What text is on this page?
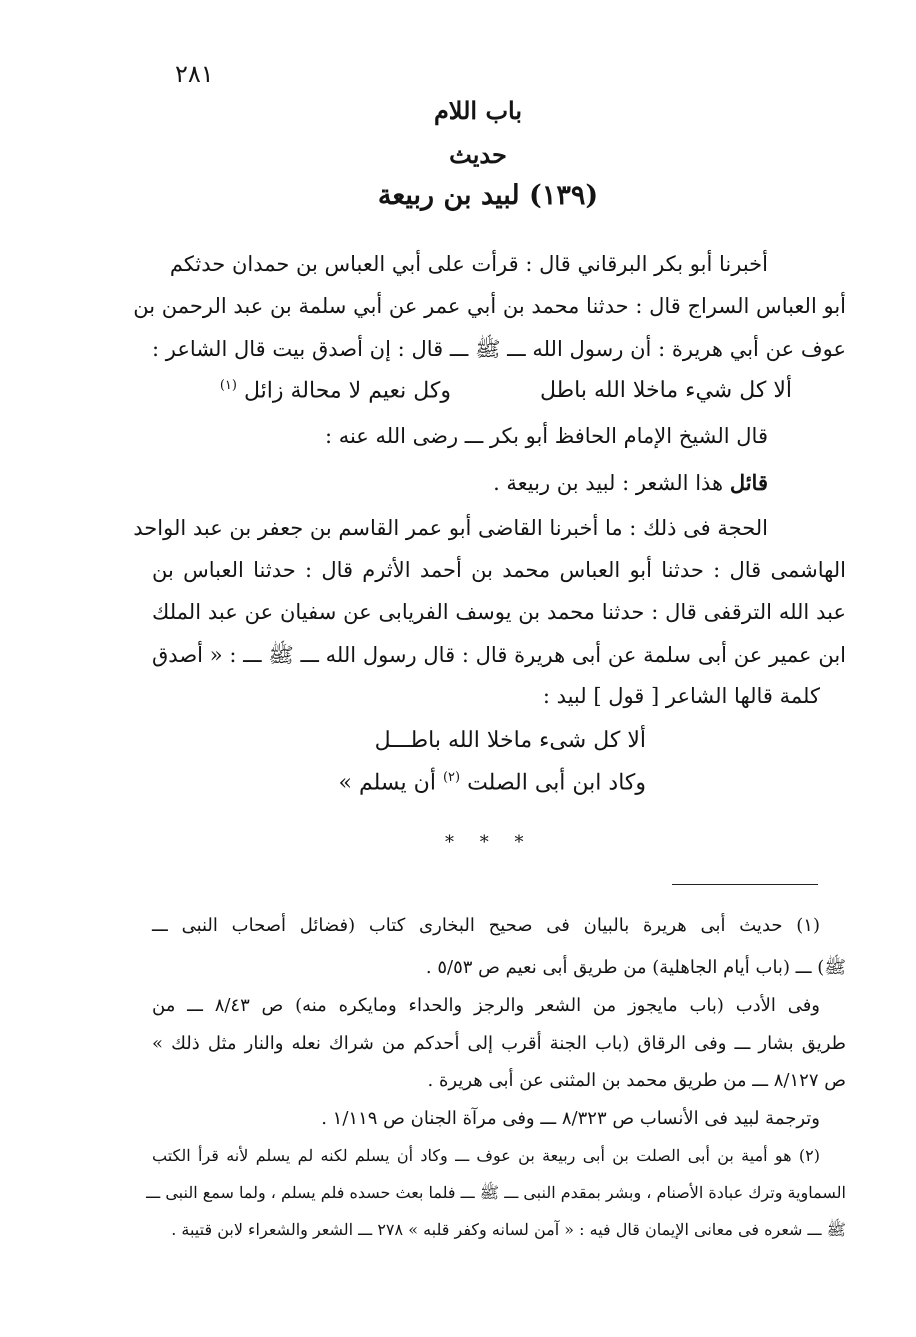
٢٨١
باب اللام
حديث
(١٣٩) لبيد بن ربيعة
أخبرنا أبو بكر البرقاني قال : قرأت على أبي العباس بن حمدان حدثكم
أبو العباس السراج قال : حدثنا محمد بن أبي عمر عن أبي سلمة بن عبد الرحمن بن
عوف عن أبي هريرة : أن رسول الله ـــ ﷺ ـــ قال : إن أصدق بيت قال الشاعر :
ألا كل شيء ماخلا الله باطل
وكل نعيم لا محالة زائل $^{(١)}$
قال الشيخ الإمام الحافظ أبو بكر ـــ رضى الله عنه :
قائل هذا الشعر : لبيد بن ربيعة .
الحجة فى ذلك : ما أخبرنا القاضى أبو عمر القاسم بن جعفر بن عبد الواحد
الهاشمى قال : حدثنا أبو العباس محمد بن أحمد الأثرم قال : حدثنا العباس بن
عبد الله الترقفى قال : حدثنا محمد بن يوسف الفريابى عن سفيان عن عبد الملك
ابن عمير عن أبى سلمة عن أبى هريرة قال : قال رسول الله ـــ ﷺ ـــ : « أصدق
كلمة قالها الشاعر [ قول ] لبيد :
ألا كل شىء ماخلا الله باطـــل
وكاد ابن أبى الصلت $^{(٢)}$ أن يسلم »
* * *
(١) حديث أبى هريرة بالبيان فى صحيح البخارى كتاب (فضائل أصحاب النبى ـــ
ﷺ) ـــ (باب أيام الجاهلية) من طريق أبى نعيم ص ٥/٥٣ .
وفى الأدب (باب مايجوز من الشعر والرجز والحداء ومايكره منه) ص ٨/٤٣ ـــ من
طريق بشار ـــ وفى الرقاق (باب الجنة أقرب إلى أحدكم من شراك نعله والنار مثل ذلك »
ص ٨/١٢٧ ـــ من طريق محمد بن المثنى عن أبى هريرة .
وترجمة لبيد فى الأنساب ص ٨/٣٢٣ ـــ وفى مرآة الجنان ص ١/١١٩ .
(٢) هو أمية بن أبى الصلت بن أبى ربيعة بن عوف ـــ وكاد أن يسلم لكنه لم يسلم لأنه قرأ الكتب
السماوية وترك عبادة الأصنام ، وبشر بمقدم النبى ـــ ﷺ ـــ فلما بعث حسده فلم يسلم ، ولما سمع النبى ـــ
ﷺ ـــ شعره فى معانى الإيمان قال فيه : « آمن لسانه وكفر قلبه » ٢٧٨ ـــ الشعر والشعراء لابن قتيبة .
